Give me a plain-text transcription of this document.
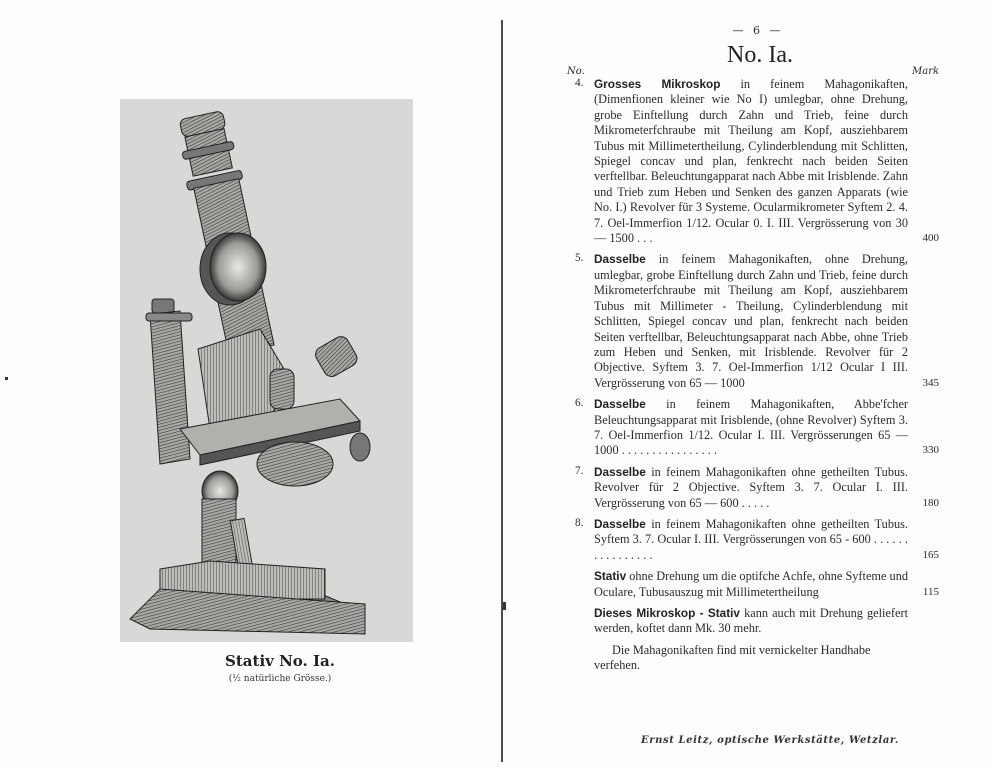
Stativ No. Ia.
(½ natürliche Grösse.)
— 6 —
No. Ia.
No.	Mark
4. Grosses Mikroskop in feinem Mahagonikaften, (Dimenfionen kleiner wie No I) umlegbar, ohne Drehung, grobe Einftellung durch Zahn und Trieb, feine durch Mikrometerfchraube mit Theilung am Kopf, ausziehbarem Tubus mit Millimetertheilung, Cylinderblendung mit Schlitten, Spiegel concav und plan, fenkrecht nach beiden Seiten verftellbar. Beleuchtungapparat nach Abbe mit Irisblende. Zahn und Trieb zum Heben und Senken des ganzen Apparats (wie No. I.) Revolver für 3 Systeme. Ocularmikrometer Syftem 2. 4. 7. Oel-Immerfion 1/12. Ocular 0. I. III. Vergrösserung von 30 — 1500 . . .	400
5. Dasselbe in feinem Mahagonikaften, ohne Drehung, umlegbar, grobe Einftellung durch Zahn und Trieb, feine durch Mikrometerfchraube mit Theilung am Kopf, ausziehbarem Tubus mit Millimeter - Theilung, Cylinderblendung mit Schlitten, Spiegel concav und plan, fenkrecht nach beiden Seiten verftellbar, Beleuchtungsapparat nach Abbe, ohne Trieb zum Heben und Senken, mit Irisblende. Revolver für 2 Objective. Syftem 3. 7. Oel-Immerfion 1/12 Ocular I III. Vergrösserung von 65 — 1000	345
6. Dasselbe in feinem Mahagonikaften, Abbe'fcher Beleuchtungsapparat mit Irisblende, (ohne Revolver) Syftem 3. 7. Oel-Immerfion 1/12. Ocular I. III. Vergrösserungen 65 — 1000 . . . . . . . . . . . . . . . .	330
7. Dasselbe in feinem Mahagonikaften ohne getheilten Tubus. Revolver für 2 Objective. Syftem 3. 7. Ocular I. III. Vergrösserung von 65 — 600 . . . . .	180
8. Dasselbe in feinem Mahagonikaften ohne getheilten Tubus. Syftem 3. 7. Ocular I. III. Vergrösserungen von 65 - 600 . . . . . . . . . . . . . . . .	165
Stativ ohne Drehung um die optifche Achfe, ohne Syfteme und Oculare, Tubusauszug mit Millimetertheilung	115
Dieses Mikroskop - Stativ kann auch mit Drehung geliefert werden, koftet dann Mk. 30 mehr.
Die Mahagonikaften find mit vernickelter Handhabe verfehen.
Ernst Leitz, optische Werkstätte, Wetzlar.
